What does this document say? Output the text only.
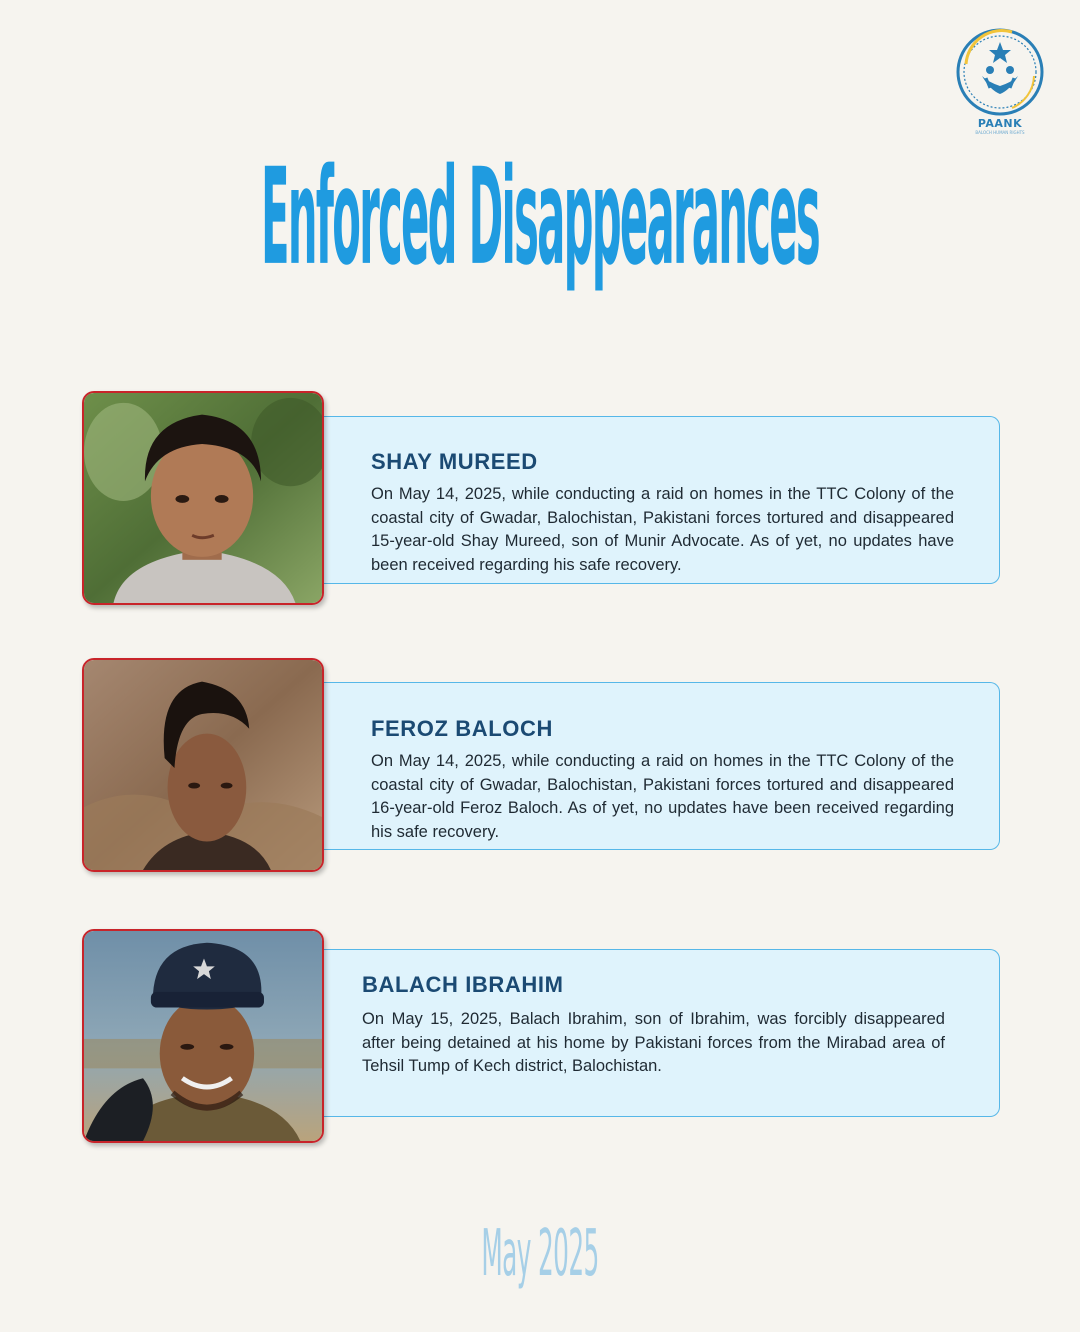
PAANK
BALOCH HUMAN RIGHTS
Enforced Disappearances
SHAY MUREED

On May 14, 2025, while conducting a raid on homes in the TTC Colony of the coastal city of Gwadar, Balochistan, Pakistani forces tortured and disappeared 15-year-old Shay Mureed, son of Munir Advocate. As of yet, no updates have been received regarding his safe recovery.

FEROZ BALOCH

On May 14, 2025, while conducting a raid on homes in the TTC Colony of the coastal city of Gwadar, Balochistan, Pakistani forces tortured and disappeared 16-year-old Feroz Baloch. As of yet, no updates have been received regarding his safe recovery.

BALACH IBRAHIM

On May 15, 2025, Balach Ibrahim, son of Ibrahim, was forcibly disappeared after being detained at his home by Pakistani forces from the Mirabad area of Tehsil Tump of Kech district, Balochistan.

May 2025
